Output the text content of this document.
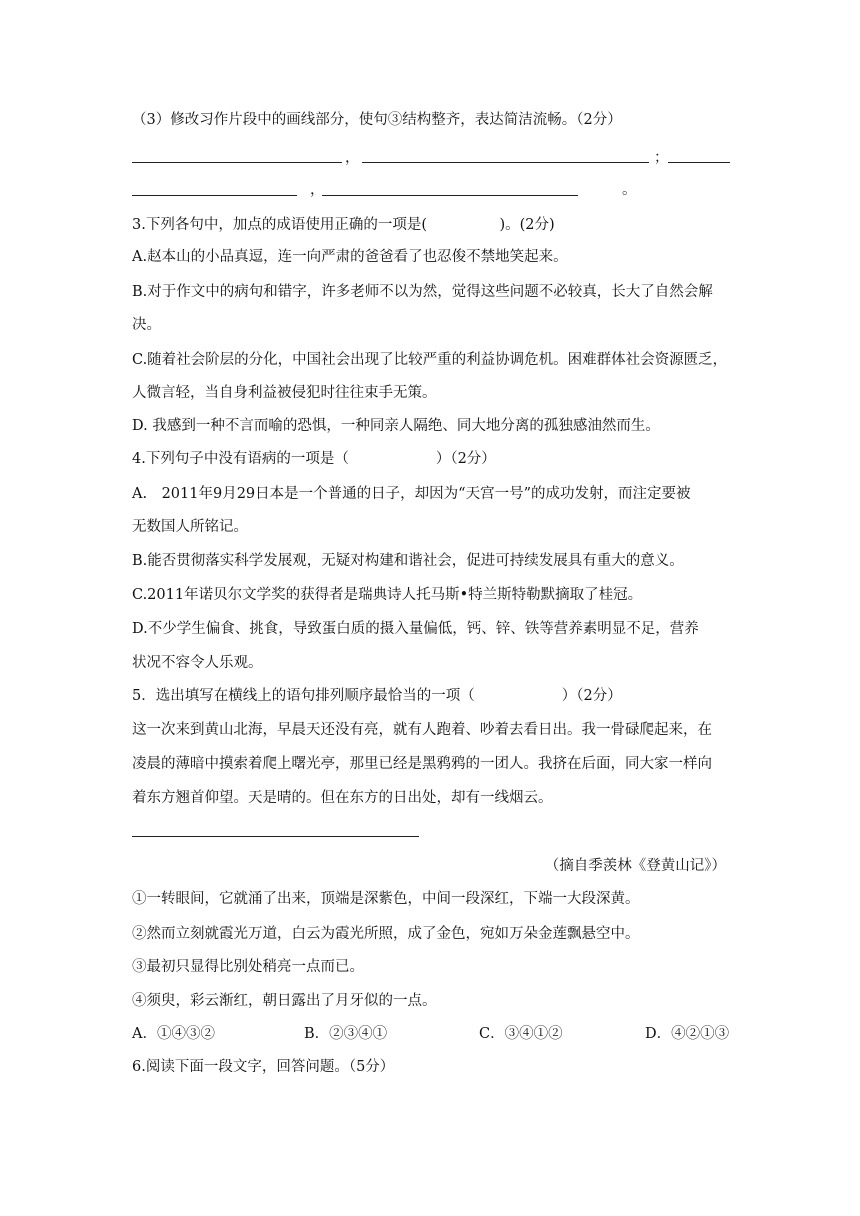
（3）修改习作片段中的画线部分，使句③结构整齐，表达简洁流畅。（2分）
，	；
，	。
3.下列各句中，加点的成语使用正确的一项是(　　　　　)。(2分)
A.赵本山的小品真逗，连一向严肃的爸爸看了也忍俊不禁地笑起来。
B.对于作文中的病句和错字，许多老师不以为然，觉得这些问题不必较真，长大了自然会解
决。
C.随着社会阶层的分化，中国社会出现了比较严重的利益协调危机。困难群体社会资源匮乏，
人微言轻，当自身利益被侵犯时往往束手无策。
D. 我感到一种不言而喻的恐惧，一种同亲人隔绝、同大地分离的孤独感油然而生。
4.下列句子中没有语病的一项是（　　　　　　）（2分）
A.　2011年9月29日本是一个普通的日子，却因为“天宫一号”的成功发射，而注定要被
无数国人所铭记。
B.能否贯彻落实科学发展观，无疑对构建和谐社会，促进可持续发展具有重大的意义。
C.2011年诺贝尔文学奖的获得者是瑞典诗人托马斯•特兰斯特勒默摘取了桂冠。
D.不少学生偏食、挑食，导致蛋白质的摄入量偏低，钙、锌、铁等营养素明显不足，营养
状况不容令人乐观。
5．选出填写在横线上的语句排列顺序最恰当的一项（　　　　　　）（2分）
这一次来到黄山北海，早晨天还没有亮，就有人跑着、吵着去看日出。我一骨碌爬起来，在
凌晨的薄暗中摸索着爬上曙光亭，那里已经是黑鸦鸦的一团人。我挤在后面，同大家一样向
着东方翘首仰望。天是晴的。但在东方的日出处，却有一线烟云。
（摘自季羡林《登黄山记》）
①一转眼间，它就涌了出来，顶端是深紫色，中间一段深红，下端一大段深黄。
②然而立刻就霞光万道，白云为霞光所照，成了金色，宛如万朵金莲飘悬空中。
③最初只显得比别处稍亮一点而已。
④须臾，彩云渐红，朝日露出了月牙似的一点。
A．①④③②	B．②③④①	C．③④①②	D．④②①③
6.阅读下面一段文字，回答问题。（5分）
